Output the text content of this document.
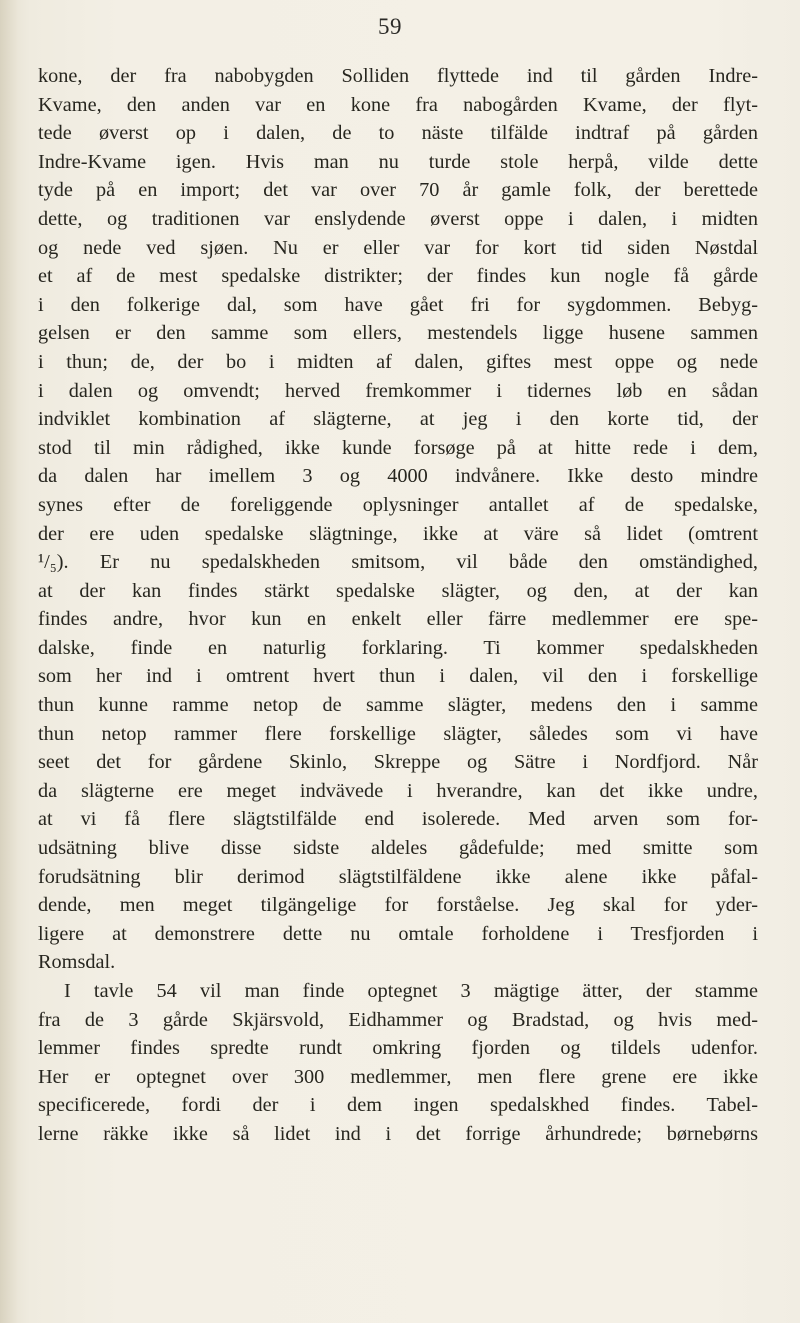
59
kone, der fra nabobygden Solliden flyttede ind til gården Indre-
Kvame, den anden var en kone fra nabogården Kvame, der flyt-
tede øverst op i dalen, de to näste tilfälde indtraf på gården
Indre-Kvame igen. Hvis man nu turde stole herpå, vilde dette
tyde på en import; det var over 70 år gamle folk, der berettede
dette, og traditionen var enslydende øverst oppe i dalen, i midten
og nede ved sjøen. Nu er eller var for kort tid siden Nøstdal
et af de mest spedalske distrikter; der findes kun nogle få gårde
i den folkerige dal, som have gået fri for sygdommen. Bebyg-
gelsen er den samme som ellers, mestendels ligge husene sammen
i thun; de, der bo i midten af dalen, giftes mest oppe og nede
i dalen og omvendt; herved fremkommer i tidernes løb en sådan
indviklet kombination af slägterne, at jeg i den korte tid, der
stod til min rådighed, ikke kunde forsøge på at hitte rede i dem,
da dalen har imellem 3 og 4000 indvånere. Ikke desto mindre
synes efter de foreliggende oplysninger antallet af de spedalske,
der ere uden spedalske slägtninge, ikke at väre så lidet (omtrent
¹/₅). Er nu spedalskheden smitsom, vil både den omständighed,
at der kan findes stärkt spedalske slägter, og den, at der kan
findes andre, hvor kun en enkelt eller färre medlemmer ere spe-
dalske, finde en naturlig forklaring. Ti kommer spedalskheden
som her ind i omtrent hvert thun i dalen, vil den i forskellige
thun kunne ramme netop de samme slägter, medens den i samme
thun netop rammer flere forskellige slägter, således som vi have
seet det for gårdene Skinlo, Skreppe og Sätre i Nordfjord. Når
da slägterne ere meget indvävede i hverandre, kan det ikke undre,
at vi få flere slägtstilfälde end isolerede. Med arven som for-
udsätning blive disse sidste aldeles gådefulde; med smitte som
forudsätning blir derimod slägtstilfäldene ikke alene ikke påfal-
dende, men meget tilgängelige for forståelse. Jeg skal for yder-
ligere at demonstrere dette nu omtale forholdene i Tresfjorden i
Romsdal.
I tavle 54 vil man finde optegnet 3 mägtige ätter, der stamme
fra de 3 gårde Skjärsvold, Eidhammer og Bradstad, og hvis med-
lemmer findes spredte rundt omkring fjorden og tildels udenfor.
Her er optegnet over 300 medlemmer, men flere grene ere ikke
specificerede, fordi der i dem ingen spedalskhed findes. Tabel-
lerne räkke ikke så lidet ind i det forrige århundrede; børnebørns
